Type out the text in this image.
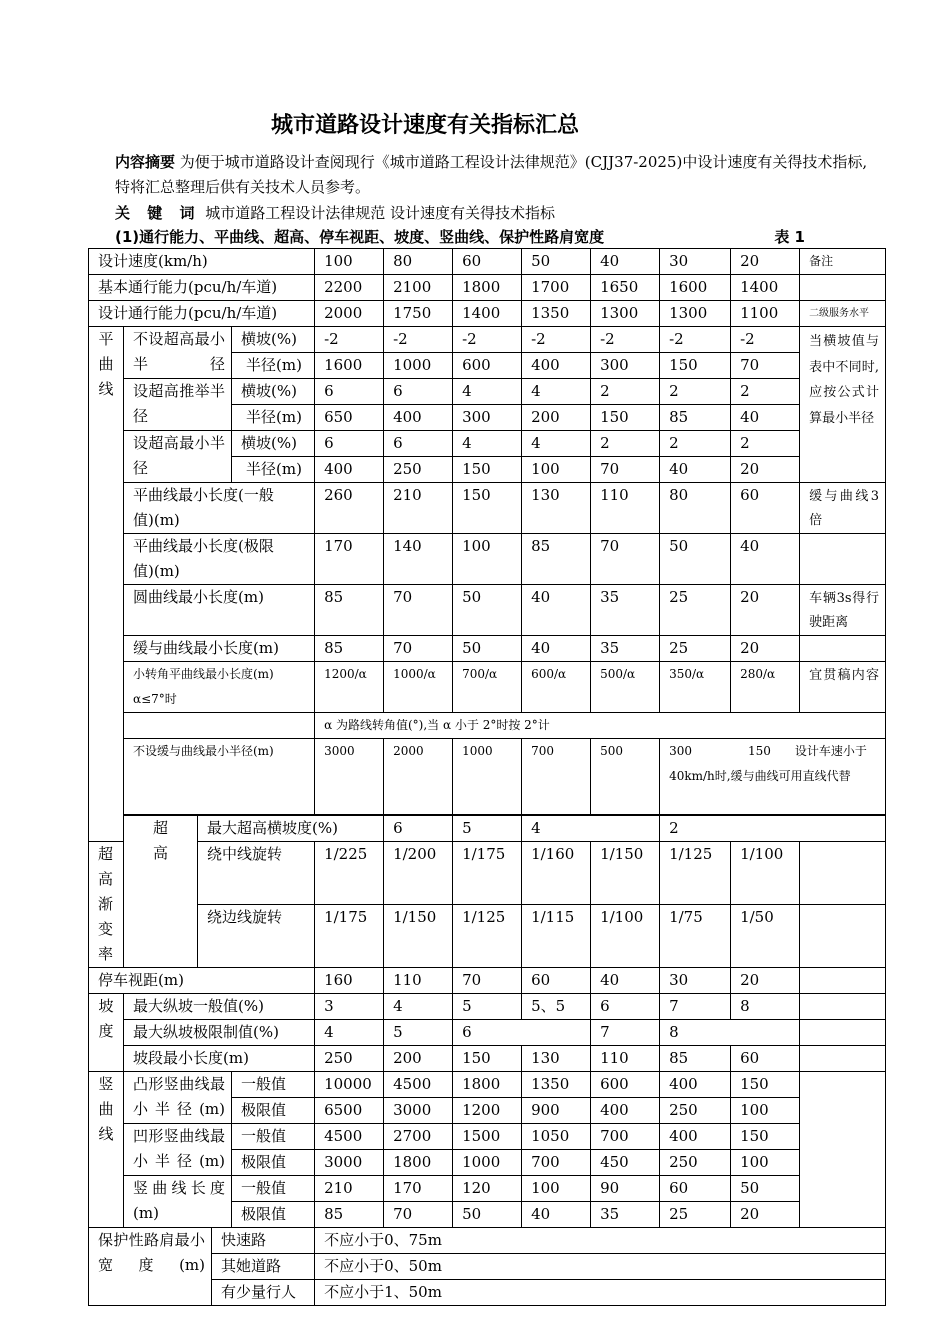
城市道路设计速度有关指标汇总
内容摘要 为便于城市道路设计查阅现行《城市道路工程设计法律规范》(CJJ37-2025)中设计速度有关得技术指标,特将汇总整理后供有关技术人员参考。
关 键 词 城市道路工程设计法律规范 设计速度有关得技术指标
(1)通行能力、平曲线、超高、停车视距、坡度、竖曲线、保护性路肩宽度	表 1
设计速度(km/h)					100	80	60	50	40	30	20	备注	
基本通行能力(pcu/h/车道)					2200	2100	1800	1700	1650	1600	1400		
设计通行能力(pcu/h/车道)					2000	1750	1400	1350	1300	1300	1100	二级服务水平	

平曲线	不设超高最小半径			横坡(%)	-2	-2	-2	-2	-2	-2	-2	当横坡值与表中不同时,应按公式计算最小半径	
				半径(m)	1600	1000	600	400	300	150	70		
	设超高推举半径			横坡(%)	6	6	4	4	2	2	2		
				半径(m)	650	400	300	200	150	85	40		
	设超高最小半径			横坡(%)	6	6	4	4	2	2	2		
				半径(m)	400	250	150	100	70	40	20		
	平曲线最小长度(一般值)(m)				260	210	150	130	110	80	60	缓与曲线3倍	
	平曲线最小长度(极限值)(m)				170	140	100	85	70	50	40		
	圆曲线最小长度(m)				85	70	50	40	35	25	20	车辆3s得行驶距离	
	缓与曲线最小长度(m)				85	70	50	40	35	25	20		
	小转角平曲线最小长度(m) α≤7°时				1200/α	1000/α	700/α	600/α	500/α	350/α	280/α	宜贯稿内容	
					α 为路线转角值(°),当 α 小于 2°时按 2°计								
	不设缓与曲线最小半径(m)				3000	2000	1000	700	500	300 150 设计车速小于40km/h时,缓与曲线可用直线代替			

	超高	最大超高横坡度(%)				6	5	4		2			
超高渐变率		绕中线旋转			1/225	1/200	1/175	1/160	1/150	1/125	1/100		
		绕边线旋转			1/175	1/150	1/125	1/115	1/100	1/75	1/50		
停车视距(m)					160	110	70	60	40	30	20		

坡度	最大纵坡一般值(%)				3	4	5	5、5	6	7	8		
	最大纵坡极限制值(%)				4	5	6		7	8			
	坡段最小长度(m)				250	200	150	130	110	85	60		

竖曲线	凸形竖曲线最小半径(m)			一般值	10000	4500	1800	1350	600	400	150		
				极限值	6500	3000	1200	900	400	250	100		
	凹形竖曲线最小半径(m)			一般值	4500	2700	1500	1050	700	400	150		
				极限值	3000	1800	1000	700	450	250	100		
	竖曲线长度(m)			一般值	210	170	120	100	90	60	50		
				极限值	85	70	50	40	35	25	20		
保护性路肩最小宽度(m)			快速路		不应小于0、75m								
			其她道路		不应小于0、50m								
			有少量行人		不应小于1、50m								
